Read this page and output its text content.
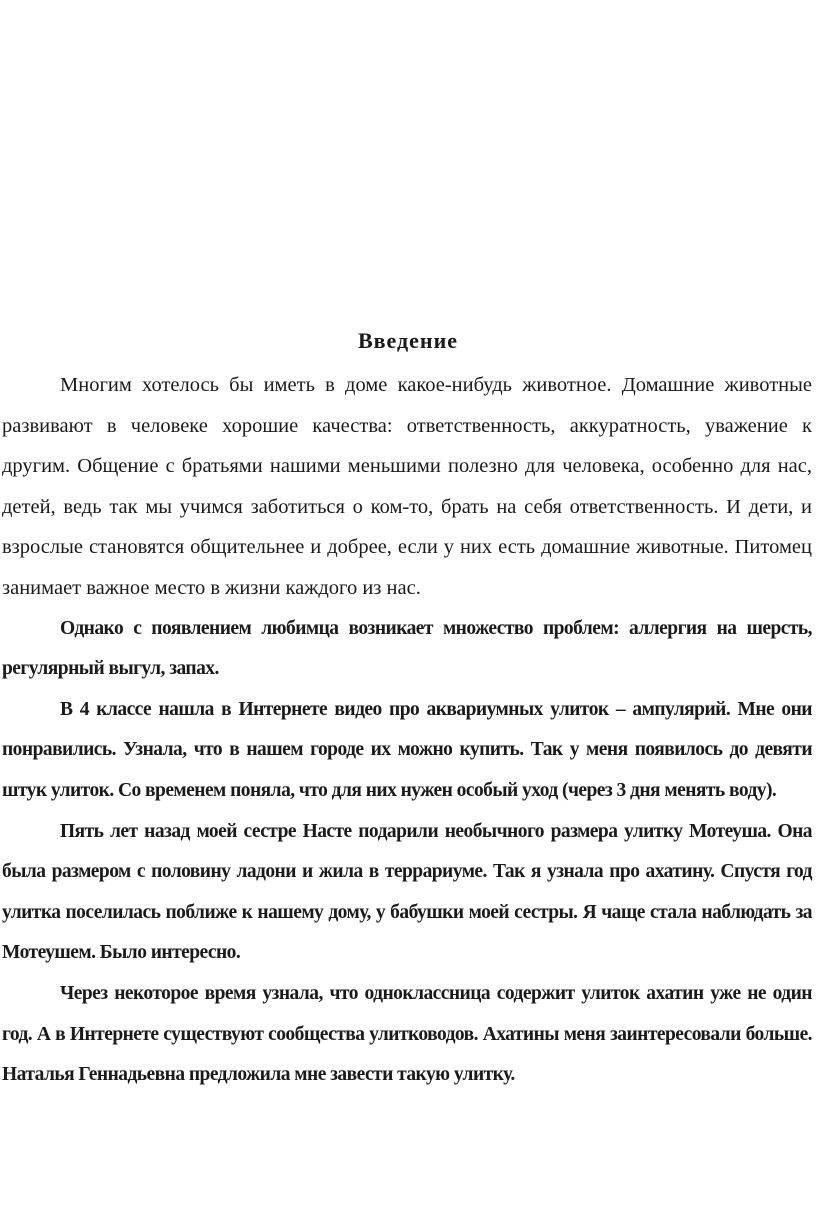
Введение

Многим хотелось бы иметь в доме какое-нибудь животное. Домашние животные развивают в человеке хорошие качества: ответственность, аккуратность, уважение к другим. Общение с братьями нашими меньшими полезно для человека, особенно для нас, детей, ведь так мы учимся заботиться о ком-то, брать на себя ответственность. И дети, и взрослые становятся общительнее и добрее, если у них есть домашние животные. Питомец занимает важное место в жизни каждого из нас.

Однако с появлением любимца возникает множество проблем: аллергия на шерсть, регулярный выгул, запах.

В 4 классе нашла в Интернете видео про аквариумных улиток – ампулярий. Мне они понравились. Узнала, что в нашем городе их можно купить. Так у меня появилось до девяти штук улиток. Со временем поняла, что для них нужен особый уход (через 3 дня менять воду).

Пять лет назад моей сестре Насте подарили необычного размера улитку Мотеуша. Она была размером с половину ладони и жила в террариуме. Так я узнала про ахатину. Спустя год улитка поселилась поближе к нашему дому, у бабушки моей сестры. Я чаще стала наблюдать за Мотеушем. Было интересно.

Через некоторое время узнала, что одноклассница содержит улиток ахатин уже не один год. А в Интернете существуют сообщества улитководов. Ахатины меня заинтересовали больше. Наталья Геннадьевна предложила мне завести такую улитку.
